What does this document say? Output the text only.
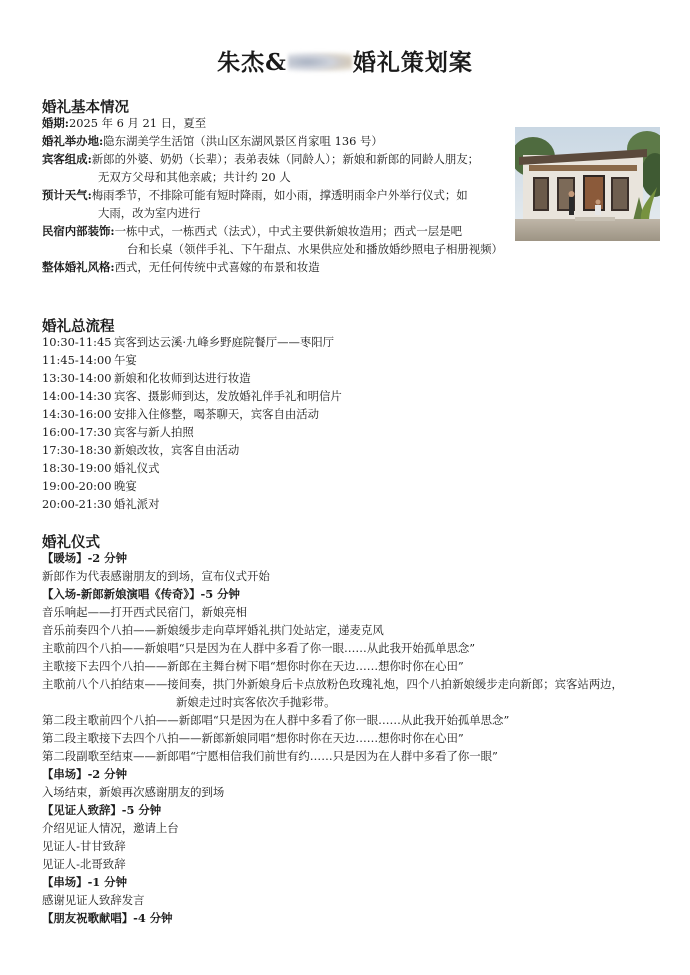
朱杰&	婚礼策划案
婚礼基本情况
婚期:2025 年 6 月 21 日，夏至
婚礼举办地:隐东湖美学生活馆（洪山区东湖风景区肖家咀 136 号）
宾客组成:新郎的外婆、奶奶（长辈）；表弟表妹（同龄人）；新娘和新郎的同龄人朋友；
无双方父母和其他亲戚；共计约 20 人
预计天气:梅雨季节，不排除可能有短时降雨，如小雨，撑透明雨伞户外举行仪式；如
大雨，改为室内进行
民宿内部装饰:一栋中式，一栋西式（法式），中式主要供新娘妆造用；西式一层是吧
台和长桌（领伴手礼、下午甜点、水果供应处和播放婚纱照电子相册视频）
整体婚礼风格:西式，无任何传统中式喜嫁的布景和妆造
婚礼总流程
10:30-11:45 宾客到达云溪·九峰乡野庭院餐厅——枣阳厅
11:45-14:00 午宴
13:30-14:00 新娘和化妆师到达进行妆造
14:00-14:30 宾客、摄影师到达，发放婚礼伴手礼和明信片
14:30-16:00 安排入住修整，喝茶聊天，宾客自由活动
16:00-17:30 宾客与新人拍照
17:30-18:30 新娘改妆，宾客自由活动
18:30-19:00 婚礼仪式
19:00-20:00 晚宴
20:00-21:30 婚礼派对
婚礼仪式
【暖场】-2 分钟
新郎作为代表感谢朋友的到场，宣布仪式开始
【入场-新郎新娘演唱《传奇》】-5 分钟
音乐响起——打开西式民宿门，新娘亮相
音乐前奏四个八拍——新娘缓步走向草坪婚礼拱门处站定，递麦克风
主歌前四个八拍——新娘唱“只是因为在人群中多看了你一眼……从此我开始孤单思念”
主歌接下去四个八拍——新郎在主舞台树下唱“想你时你在天边……想你时你在心田”
主歌前八个八拍结束——接间奏，拱门外新娘身后卡点放粉色玫瑰礼炮，四个八拍新娘缓步走向新郎；宾客站两边，
新娘走过时宾客依次手抛彩带。
第二段主歌前四个八拍——新郎唱“只是因为在人群中多看了你一眼……从此我开始孤单思念”
第二段主歌接下去四个八拍——新郎新娘同唱“想你时你在天边……想你时你在心田”
第二段副歌至结束——新郎唱“宁愿相信我们前世有约……只是因为在人群中多看了你一眼”
【串场】-2 分钟
入场结束，新娘再次感谢朋友的到场
【见证人致辞】-5 分钟
介绍见证人情况，邀请上台
见证人-甘甘致辞
见证人-北哥致辞
【串场】-1 分钟
感谢见证人致辞发言
【朋友祝歌献唱】-4 分钟
